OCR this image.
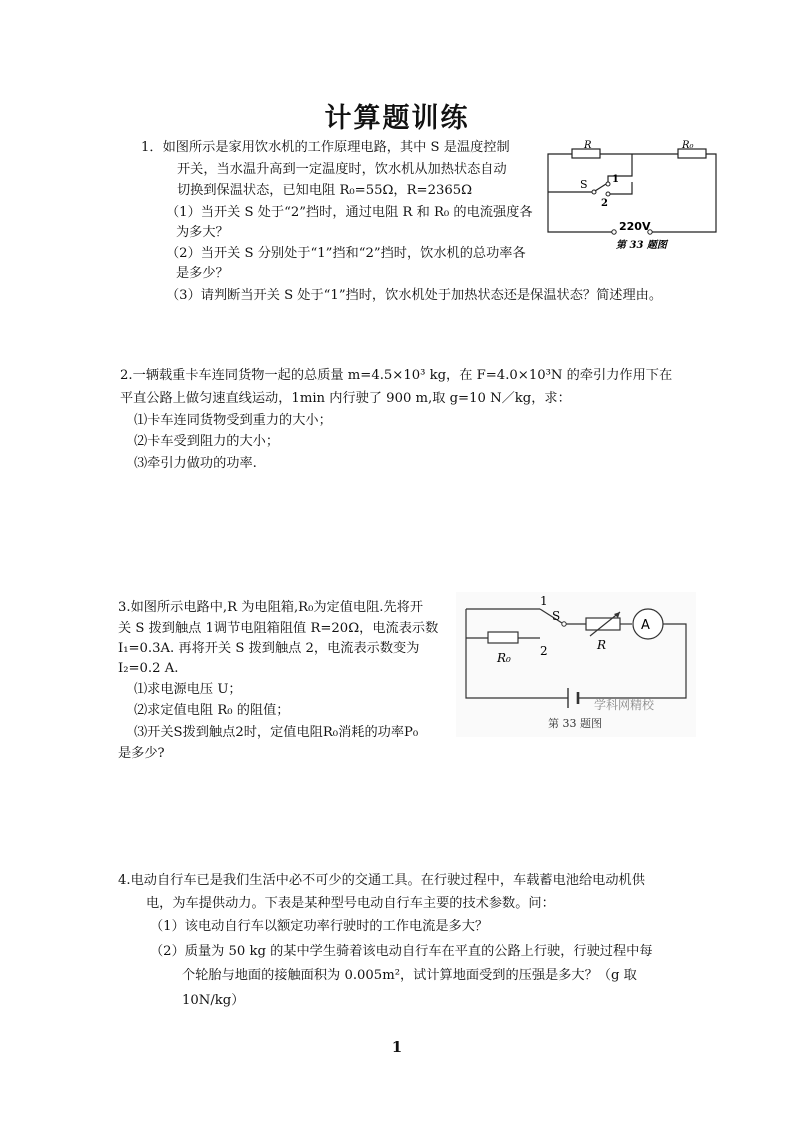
计算题训练
1．如图所示是家用饮水机的工作原理电路，其中 S 是温度控制
开关，当水温升高到一定温度时，饮水机从加热状态自动
切换到保温状态，已知电阻 R₀=55Ω，R=2365Ω
（1）当开关 S 处于“2”挡时，通过电阻 R 和 R₀ 的电流强度各
为多大？
（2）当开关 S 分别处于“1”挡和“2”挡时，饮水机的总功率各
是多少？
（3）请判断当开关 S 处于“1”挡时，饮水机处于加热状态还是保温状态？简述理由。
R	R₀
S 1
2
220V
第 33 题图
2.一辆载重卡车连同货物一起的总质量 m=4.5×10³ kg，在 F=4.0×10³N 的牵引力作用下在
平直公路上做匀速直线运动，1min 内行驶了 900 m,取 g=10 N／kg，求：
⑴卡车连同货物受到重力的大小；
⑵卡车受到阻力的大小；
⑶牵引力做功的功率.
3.如图所示电路中,R 为电阻箱,R₀为定值电阻.先将开
关 S 拨到触点 1调节电阻箱阻值 R=20Ω，电流表示数
I₁=0.3A. 再将开关 S 拨到触点 2，电流表示数变为
I₂=0.2 A.
⑴求电源电压 U；
⑵求定值电阻 R₀ 的阻值；
⑶开关S拨到触点2时，定值电阻R₀消耗的功率P₀
是多少?
1
S
R
R₀ 2
A
学科网精校
第 33 题图
4.电动自行车已是我们生活中必不可少的交通工具。在行驶过程中，车载蓄电池给电动机供
电，为车提供动力。下表是某种型号电动自行车主要的技术参数。问：
（1）该电动自行车以额定功率行驶时的工作电流是多大？
（2）质量为 50 kg 的某中学生骑着该电动自行车在平直的公路上行驶，行驶过程中每
个轮胎与地面的接触面积为 0.005m²，试计算地面受到的压强是多大？（g 取
10N/kg）
1
